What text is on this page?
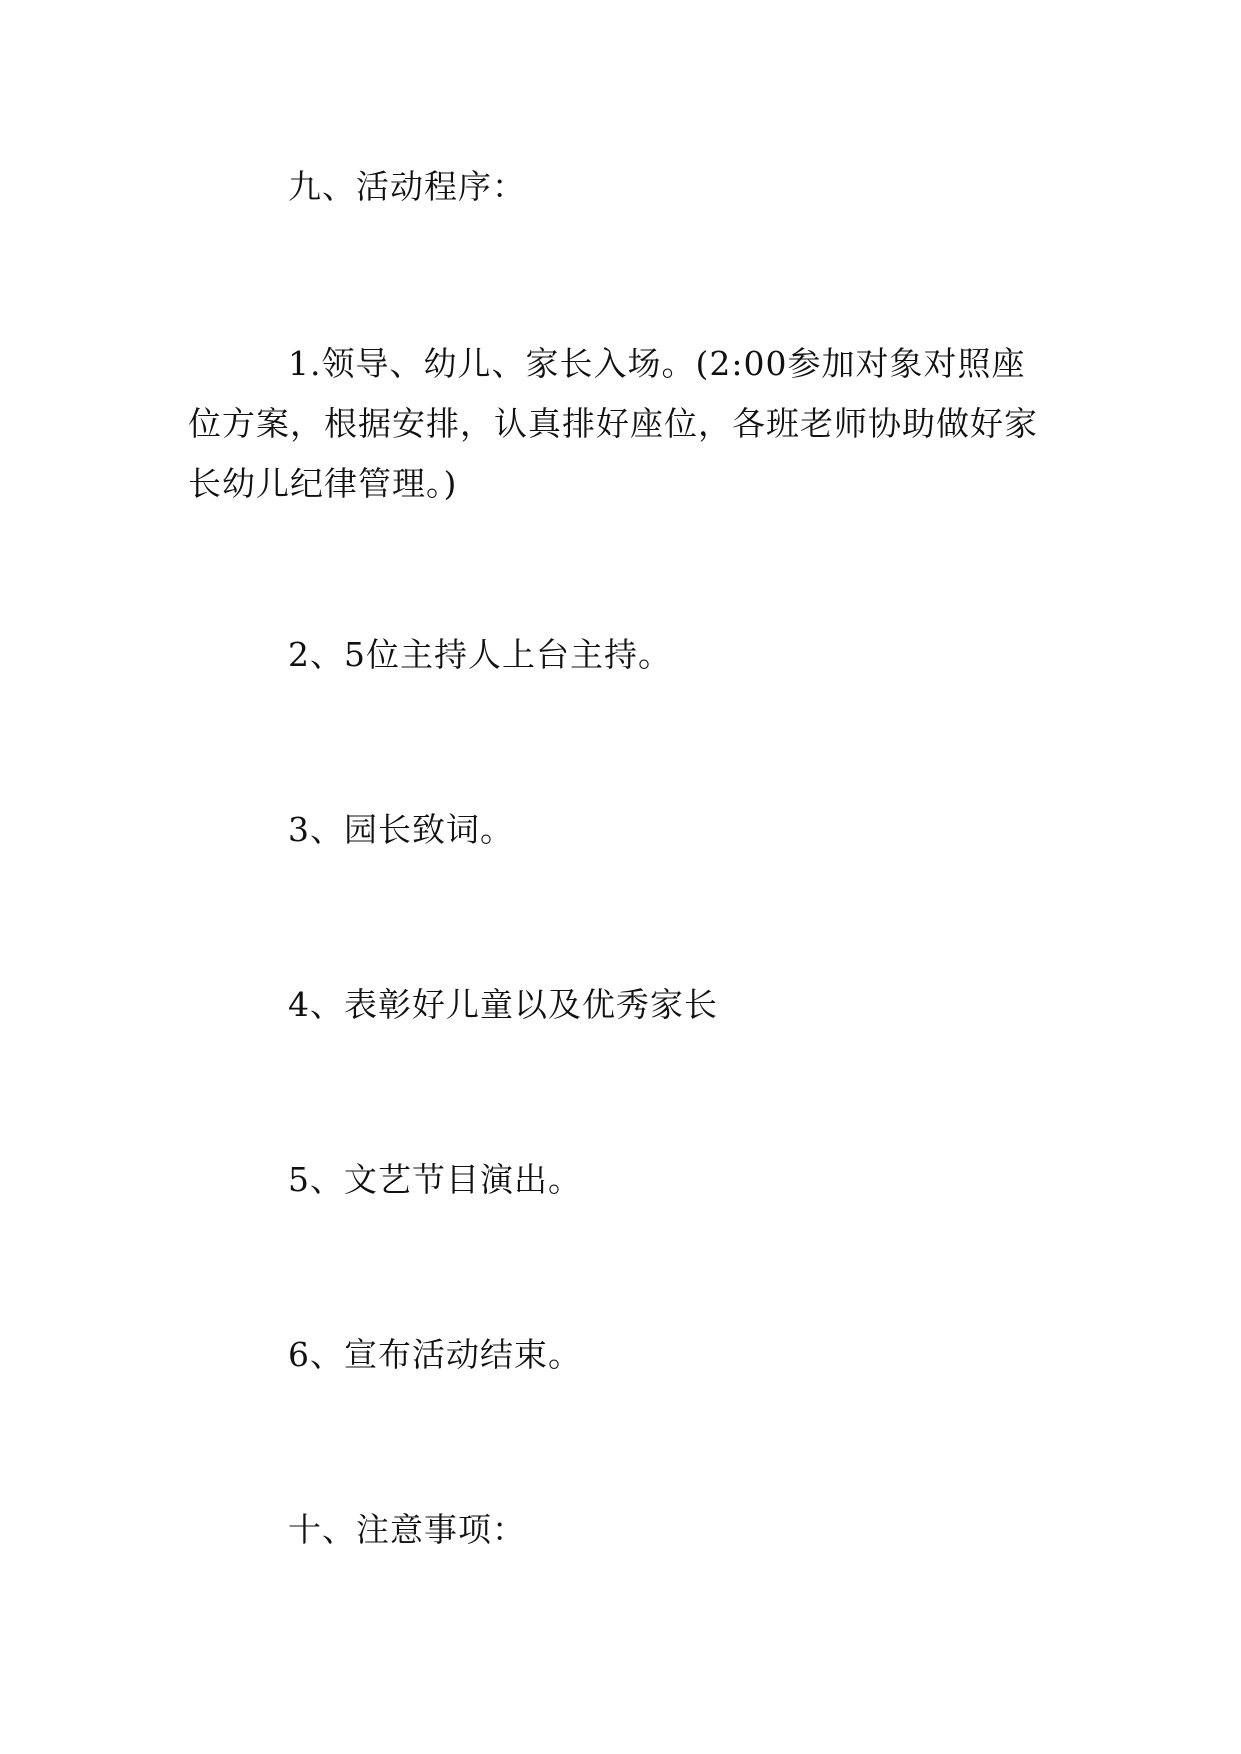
九、活动程序：

1.领导、幼儿、家长入场。(2:00参加对象对照座位方案，根据安排，认真排好座位，各班老师协助做好家长幼儿纪律管理。)

2、5位主持人上台主持。

3、园长致词。

4、表彰好儿童以及优秀家长

5、文艺节目演出。

6、宣布活动结束。

十、注意事项：
